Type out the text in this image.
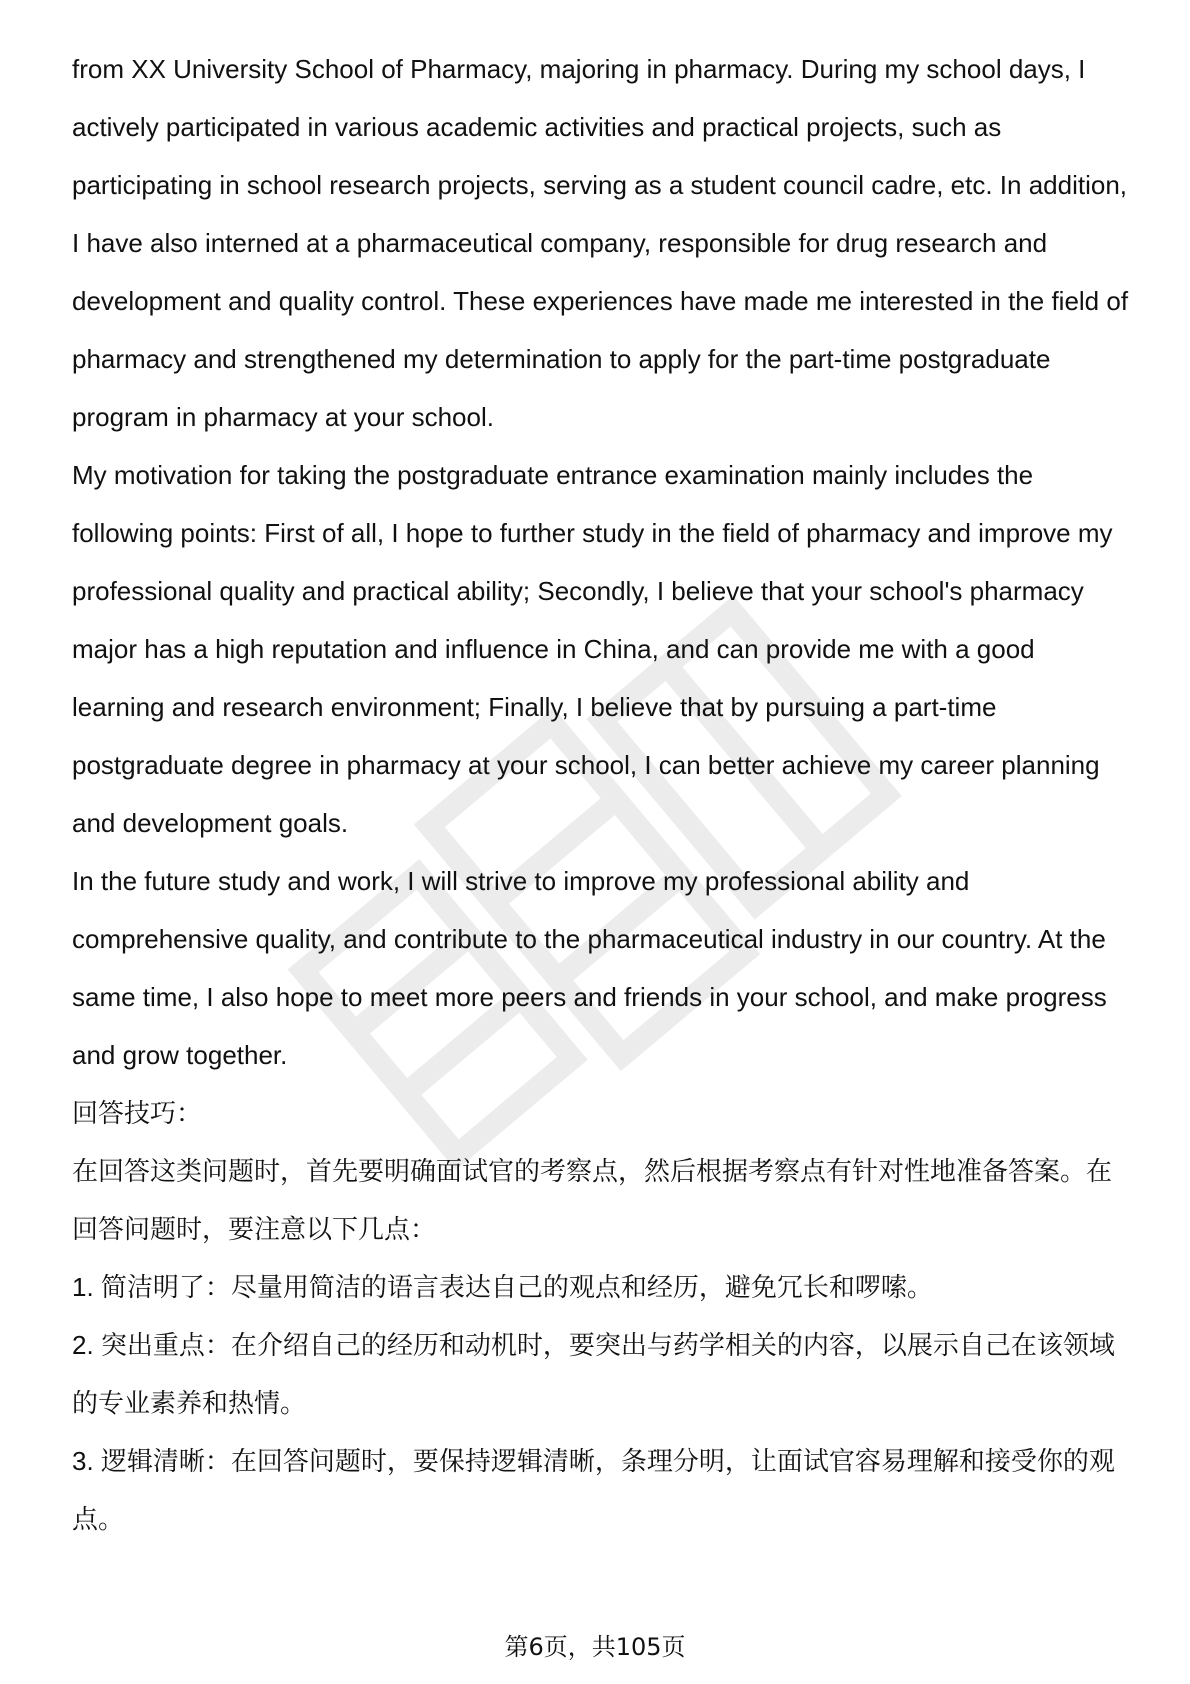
from XX University School of Pharmacy, majoring in pharmacy. During my school days, I actively participated in various academic activities and practical projects, such as participating in school research projects, serving as a student council cadre, etc. In addition, I have also interned at a pharmaceutical company, responsible for drug research and development and quality control. These experiences have made me interested in the field of pharmacy and strengthened my determination to apply for the part-time postgraduate program in pharmacy at your school.

My motivation for taking the postgraduate entrance examination mainly includes the following points: First of all, I hope to further study in the field of pharmacy and improve my professional quality and practical ability; Secondly, I believe that your school's pharmacy major has a high reputation and influence in China, and can provide me with a good learning and research environment; Finally, I believe that by pursuing a part-time postgraduate degree in pharmacy at your school, I can better achieve my career planning and development goals.

In the future study and work, I will strive to improve my professional ability and comprehensive quality, and contribute to the pharmaceutical industry in our country. At the same time, I also hope to meet more peers and friends in your school, and make progress and grow together.

回答技巧：

在回答这类问题时，首先要明确面试官的考察点，然后根据考察点有针对性地准备答案。在回答问题时，要注意以下几点：

1. 简洁明了：尽量用简洁的语言表达自己的观点和经历，避免冗长和啰嗦。

2. 突出重点：在介绍自己的经历和动机时，要突出与药学相关的内容，以展示自己在该领域的专业素养和热情。

3. 逻辑清晰：在回答问题时，要保持逻辑清晰，条理分明，让面试官容易理解和接受你的观点。

第6页，共105页
